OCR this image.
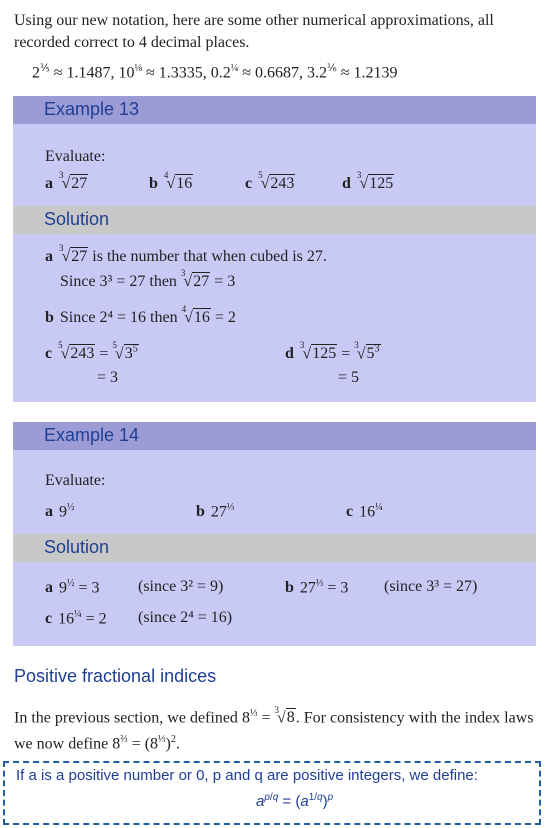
Using our new notation, here are some other numerical approximations, all recorded correct to 4 decimal places.
$2^{\frac{1}{5}} \approx 1.1487$, $10^{\frac{1}{8}} \approx 1.3335$, $0.2^{\frac{1}{4}} \approx 0.6687$, $3.2^{\frac{1}{6}} \approx 1.2139$
Example 13
Evaluate:
a $^3$√27	b $^4$√16	c $^5$√243	d $^3$√125
Solution
a $^3$√27 is the number that when cubed is 27.
Since 3³ = 27 then $^3$√27 = 3
b Since 2⁴ = 16 then $^4$√16 = 2
$c^5√243 = ^5√3^5$
= 3
$d^3√125 = ^3√5^3$
= 5
Example 14
Evaluate:
a $9^{\frac{1}{2}}$	b $27^{\frac{1}{3}}$	c $16^{\frac{1}{4}}$
Solution
a $9^{\frac{1}{2}} = 3$ (since 3² = 9)	b $27^{\frac{1}{3}} = 3$ (since 3³ = 27)
c $16^{\frac{1}{4}} = 2$ (since 2⁴ = 16)
Positive fractional indices
In the previous section, we defined $8^{\frac{1}{3}} = ^3√8$. For consistency with the index laws we now define $8^{\frac{2}{3}} = (8^{\frac{1}{3}})^2$.
If a is a positive number or 0, p and q are positive integers, we define:
$a^{p/q} = (a^{1/q})^p$
